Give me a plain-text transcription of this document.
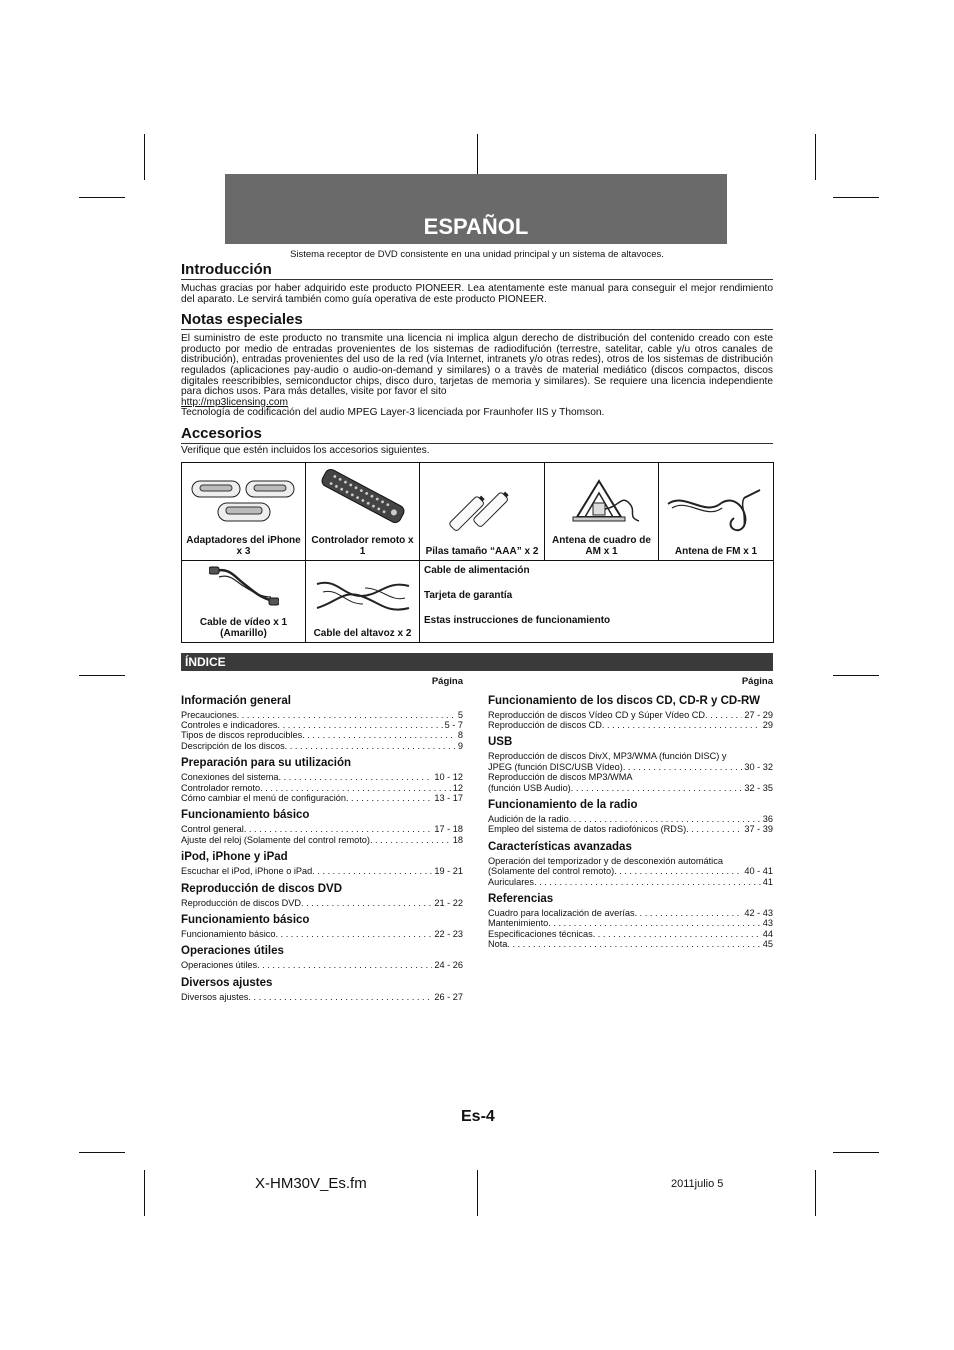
ESPAÑOL
Sistema receptor de DVD consistente en una unidad principal y un sistema de altavoces.
Introducción

Muchas gracias por haber adquirido este producto PIONEER. Lea atentamente este manual para conseguir el mejor rendimiento del aparato. Le servirá también como guía operativa de este producto PIONEER.

Notas especiales

El suministro de este producto no transmite una licencia ni implica algun derecho de distribución del contenido creado con este producto por medio de entradas provenientes de los sistemas de radiodifución (terrestre, satelitar, cable y/u otros canales de distribución), entradas provenientes del uso de la red (vía Internet, intranets y/o otras redes), otros de los sistemas de distribución regulados (aplicaciones pay-audio o audio-on-demand y similares) o a travès de material mediático (discos compactos, discos digitales reescribibles, semiconductor chips, disco duro, tarjetas de memoria y similares). Se requiere una licencia independiente para dichos usos. Para más detalles, visite por favor el sito
http://mp3licensing.com
Tecnología de codificación del audio MPEG Layer-3 licenciada por Fraunhofer IIS y Thomson.

Accesorios

Verifique que estén incluidos los accesorios siguientes.

Adaptadores del iPhone x 3	Controlador remoto x 1	Pilas tamaño “AAA” x 2	Antena de cuadro de AM x 1	Antena de FM x 1

Cable de vídeo x 1 (Amarillo)	Cable del altavoz x 2	Cable de alimentación
Tarjeta de garantía
Estas instrucciones de funcionamiento		
ÍNDICE
Página
Información general
Precauciones . . .	5
Controles e indicadores . . .	5 - 7
Tipos de discos reproducibles . . .	8
Descripción de los discos . . .	9
Preparación para su utilización
Conexiones del sistema . . .	10 - 12
Controlador remoto . . .	12
Cómo cambiar el menú de configuración . . .	13 - 17
Funcionamiento básico
Control general . . .	17 - 18
Ajuste del reloj (Solamente del control remoto) . . .	18
iPod, iPhone y iPad
Escuchar el iPod, iPhone o iPad . . .	19 - 21
Reproducción de discos DVD
Reproducción de discos DVD . . .	21 - 22
Funcionamiento básico
Funcionamiento básico . . .	22 - 23
Operaciones útiles
Operaciones útiles . . .	24 - 26
Diversos ajustes
Diversos ajustes . . .	26 - 27
Página
Funcionamiento de los discos CD, CD-R y CD-RW
Reproducción de discos Vídeo CD y Súper Vídeo CD . . .	27 - 29
Reproducción de discos CD . . .	29
USB
Reproducción de discos DivX, MP3/WMA (función DISC) y
JPEG (función DISC/USB Vídeo) . . .	30 - 32
Reproducción de discos MP3/WMA
(función USB Audio) . . .	32 - 35
Funcionamiento de la radio
Audición de la radio . . .	36
Empleo del sistema de datos radiofónicos (RDS) . . .	37 - 39
Características avanzadas
Operación del temporizador y de desconexión automática
(Solamente del control remoto) . . .	40 - 41
Auriculares . . .	41
Referencias
Cuadro para localización de averías . . .	42 - 43
Mantenimiento . . .	43
Especificaciones técnicas . . .	44
Nota . . .	45
Es-4
X-HM30V_Es.fm	2011julio 5
